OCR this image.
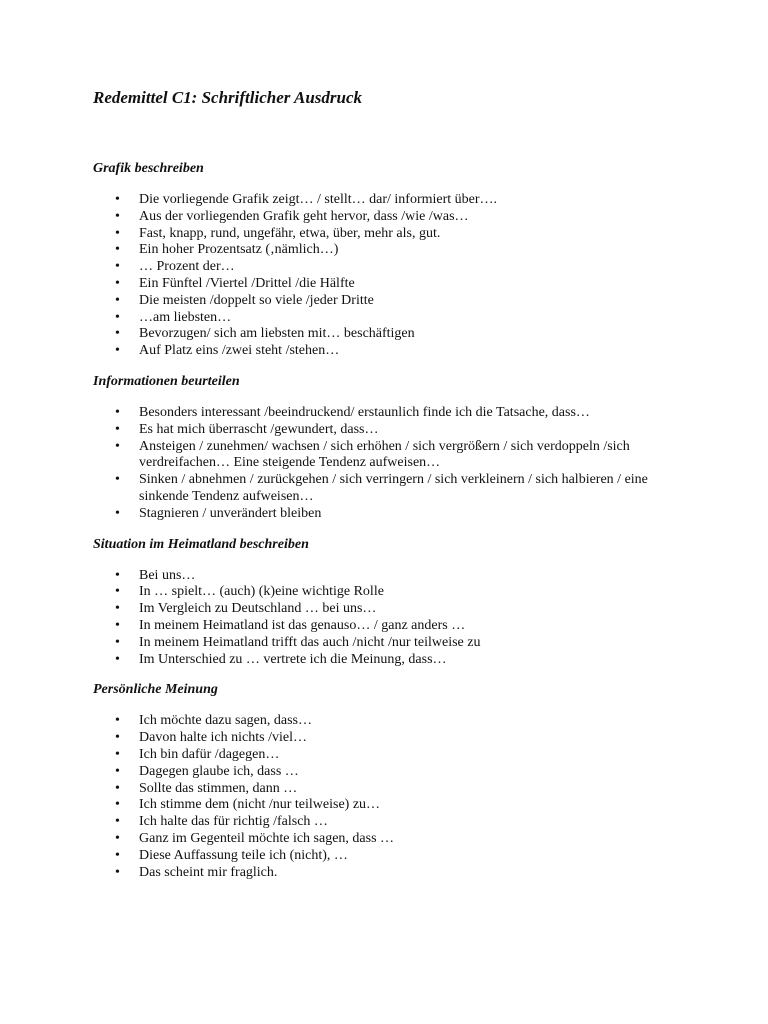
Redemittel C1: Schriftlicher Ausdruck
Grafik beschreiben
• Die vorliegende Grafik zeigt… / stellt… dar/ informiert über….
• Aus der vorliegenden Grafik geht hervor, dass /wie /was…
• Fast, knapp, rund, ungefähr, etwa, über, mehr als, gut.
• Ein hoher Prozentsatz (‚nämlich…)
• … Prozent der…
• Ein Fünftel /Viertel /Drittel /die Hälfte
• Die meisten /doppelt so viele /jeder Dritte
• …am liebsten…
• Bevorzugen/ sich am liebsten mit… beschäftigen
• Auf Platz eins /zwei steht /stehen…
Informationen beurteilen
• Besonders interessant /beeindruckend/ erstaunlich finde ich die Tatsache, dass…
• Es hat mich überrascht /gewundert, dass…
• Ansteigen / zunehmen/ wachsen / sich erhöhen / sich vergrößern / sich verdoppeln /sich verdreifachen… Eine steigende Tendenz aufweisen…
• Sinken / abnehmen / zurückgehen / sich verringern / sich verkleinern / sich halbieren / eine sinkende Tendenz aufweisen…
• Stagnieren / unverändert bleiben
Situation im Heimatland beschreiben
• Bei uns…
• In … spielt… (auch) (k)eine wichtige Rolle
• Im Vergleich zu Deutschland … bei uns…
• In meinem Heimatland ist das genauso… / ganz anders …
• In meinem Heimatland trifft das auch /nicht /nur teilweise zu
• Im Unterschied zu … vertrete ich die Meinung, dass…
Persönliche Meinung
• Ich möchte dazu sagen, dass…
• Davon halte ich nichts /viel…
• Ich bin dafür /dagegen…
• Dagegen glaube ich, dass …
• Sollte das stimmen, dann …
• Ich stimme dem (nicht /nur teilweise) zu…
• Ich halte das für richtig /falsch …
• Ganz im Gegenteil möchte ich sagen, dass …
• Diese Auffassung teile ich (nicht), …
• Das scheint mir fraglich.
